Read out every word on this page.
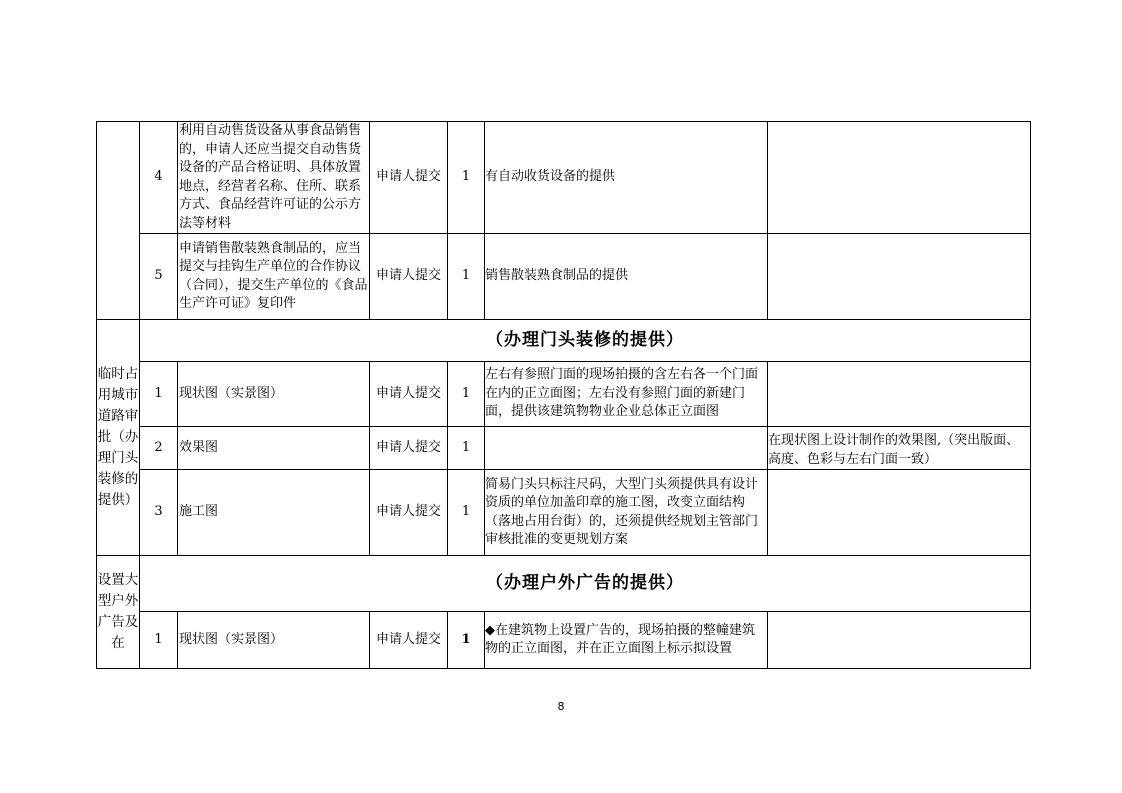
	4	利用自动售货设备从事食品销售的，申请人还应当提交自动售货设备的产品合格证明、具体放置地点，经营者名称、住所、联系方式、食品经营许可证的公示方法等材料	申请人提交	1	有自动收货设备的提供	
	5	申请销售散装熟食制品的，应当提交与挂钩生产单位的合作协议（合同），提交生产单位的《食品生产许可证》复印件	申请人提交	1	销售散装熟食制品的提供	

临时占用城市道路审批（办理门头装修的提供）	（办理门头装修的提供）					
	1	现状图（实景图）	申请人提交	1	左右有参照门面的现场拍摄的含左右各一个门面在内的正立面图；左右没有参照门面的新建门面，提供该建筑物物业企业总体正立面图	

	2	效果图	申请人提交	1		在现状图上设计制作的效果图,（突出版面、高度、色彩与左右门面一致）

	3	施工图	申请人提交	1	简易门头只标注尺码，大型门头须提供具有设计资质的单位加盖印章的施工图，改变立面结构（落地占用台街）的，还须提供经规划主管部门审核批准的变更规划方案	

设置大型户外广告及在	（办理户外广告的提供）					
	1	现状图（实景图）	申请人提交	1	◆在建筑物上设置广告的，现场拍摄的整幢建筑物的正立面图，并在正立面图上标示拟设置	

8
